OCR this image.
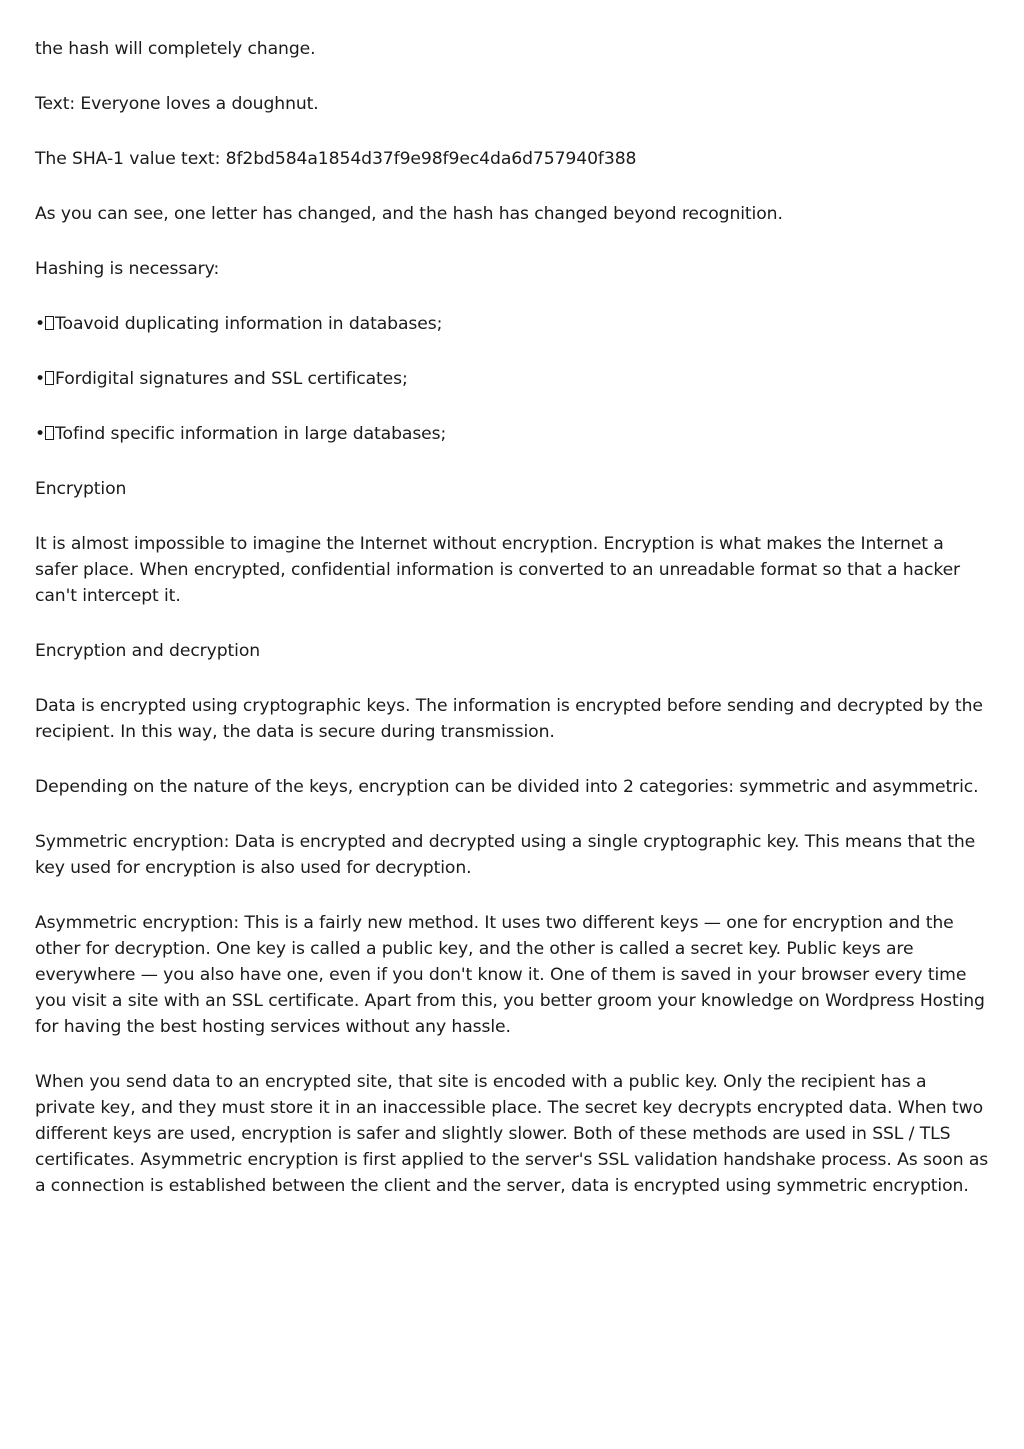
the hash will completely change.

Text: Everyone loves a doughnut.

The SHA-1 value text: 8f2bd584a1854d37f9e98f9ec4da6d757940f388

As you can see, one letter has changed, and the hash has changed beyond recognition.

Hashing is necessary:

• Toavoid duplicating information in databases;

• Fordigital signatures and SSL certificates;

• Tofind specific information in large databases;

Encryption

It is almost impossible to imagine the Internet without encryption. Encryption is what makes the Internet a safer place. When encrypted, confidential information is converted to an unreadable format so that a hacker can't intercept it.

Encryption and decryption

Data is encrypted using cryptographic keys. The information is encrypted before sending and decrypted by the recipient. In this way, the data is secure during transmission.

Depending on the nature of the keys, encryption can be divided into 2 categories: symmetric and asymmetric.

Symmetric encryption: Data is encrypted and decrypted using a single cryptographic key. This means that the key used for encryption is also used for decryption.

Asymmetric encryption: This is a fairly new method. It uses two different keys — one for encryption and the other for decryption. One key is called a public key, and the other is called a secret key. Public keys are everywhere — you also have one, even if you don't know it. One of them is saved in your browser every time you visit a site with an SSL certificate. Apart from this, you better groom your knowledge on Wordpress Hosting for having the best hosting services without any hassle.

When you send data to an encrypted site, that site is encoded with a public key. Only the recipient has a private key, and they must store it in an inaccessible place. The secret key decrypts encrypted data. When two different keys are used, encryption is safer and slightly slower. Both of these methods are used in SSL / TLS certificates. Asymmetric encryption is first applied to the server's SSL validation handshake process. As soon as a connection is established between the client and the server, data is encrypted using symmetric encryption.
